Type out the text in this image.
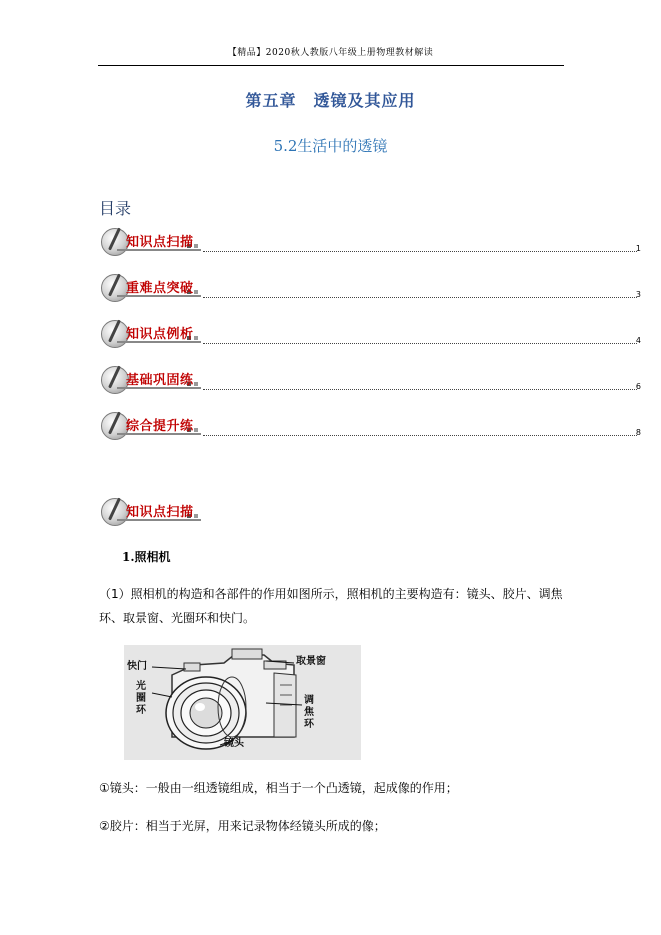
【精品】2020秋人教版八年级上册物理教材解读
第五章　透镜及其应用
5.2生活中的透镜
目录
知识点扫描	1
重难点突破	3
知识点例析	4
基础巩固练	6
综合提升练	8
知识点扫描
1.照相机
（1）照相机的构造和各部件的作用如图所示，照相机的主要构造有：镜头、胶片、调焦环、取景窗、光圈环和快门。
快门
光圈环
取景窗
调焦环
镜头
①镜头：一般由一组透镜组成，相当于一个凸透镜，起成像的作用；
②胶片：相当于光屏，用来记录物体经镜头所成的像；
